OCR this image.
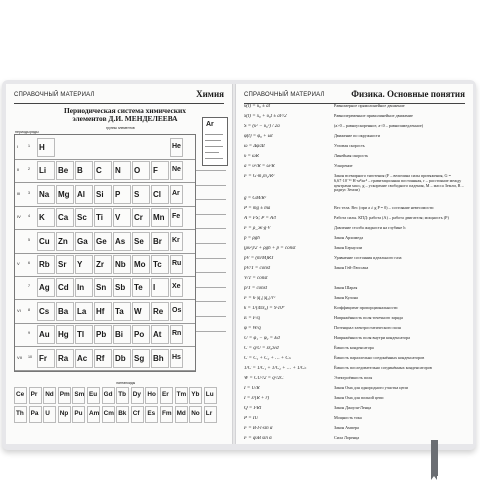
СПРАВОЧНЫЙ МАТЕРИАЛ	Химия
Периодическая система химических элементов Д.И. МЕНДЕЛЕЕВА
Ar
группы элементов
периоды ряды
I	1 H	He
II 2 Li Be B C N O F Ne
III 3 Na Mg Al Si P S Cl Ar
IV 4 K Ca Sc Ti V Cr Mn Fe
5 Cu Zn Ga Ge As Se Br Kr
V 6 Rb Sr Y Zr Nb Mo Tc Ru
7 Ag Cd In Sn Sb Te I Xe
VI 8 Cs Ba La Hf Ta W Re Os
9 Au Hg Tl Pb Bi Po At Rn
VII 10 Fr Ra Ac Rf Db Sg Bh Hs
лантаноиды
Ce Pr Nd Pm Sm Eu Gd Tb Dy Ho Er Tm Yb Lu
Th Pa U Np Pu Am Cm Bk Cf Es Fm Md No Lr
СПРАВОЧНЫЙ МАТЕРИАЛ	Физика. Основные понятия
υ(t) = υ₀ ± at	Равномерное прямолинейное движение
x(t) = x₀ + υ₀t ± at²/2	Равнопеременное прямолинейное движение
S = (υ² − υ₀²) / 2a	(a>0 – равноускоренное, a<0 – равнозамедленное)
φ(t) = φ₀ + ωt	Движение по окружности
ω = Δφ/Δt	Угловая скорость
υ = ωR	Линейная скорость
a = υ²/R = ω²R	Ускорение
F = G·m₁m₂/R²	Закон всемирного тяготения (F – величина силы притяжения, G = 6,67·10⁻¹¹ Н·м²/кг² – гравитационная постоянная, r – расстояние между центрами масс, g – ускорение свободного падения, M – масса Земли, R – радиус Земли)
g = GM/R²
P = mg ± ma	Вес тела. Вес (при a ≠ g P = 0) – состояние невесомости
A = FS; P = A/t	Работа силы. КПД: работа (A) – работа двигателя; мощность (P)
F = ρ_ж·g·V	Давление столба жидкости на глубине h
p = ρgh	Закон Архимеда
(ρυ²)/2 + ρgh + p = const	Закон Бернулли
pV = (m/M)RT	Уравнение состояния идеального газа
pV/T = const	Закон Гей-Люссака
V/T = const
p/T = const	Закон Шарля
F = k·|q₁||q₂|/r²	Закон Кулона
k = 1/(4πε₀) = 9·10⁹	Коэффициент пропорциональности
E = F/q	Напряжённость поля точечного заряда
φ = W/q	Потенциал электростатического поля
U = φ₁ − φ₂ = Ed	Напряжённость поля внутри конденсатора
C = q/U = εε₀S/d	Ёмкость конденсатора
C = C₁ + C₂ + … + Cₙ	Ёмкость параллельно соединённых конденсаторов
1/C = 1/C₁ + 1/C₂ + … + 1/Cₙ	Ёмкость последовательно соединённых конденсаторов
W = CU²/2 = q²/2C	Электроёмкость поля
I = U/R	Закон Ома для однородного участка цепи
I = ε/(R + r)	Закон Ома для полной цепи
Q = I²Rt	Закон Джоуля-Ленца
P = IU	Мощность тока
F = B·I·l·sin α	Закон Ампера
F = qυB sin α	Сила Лоренца
